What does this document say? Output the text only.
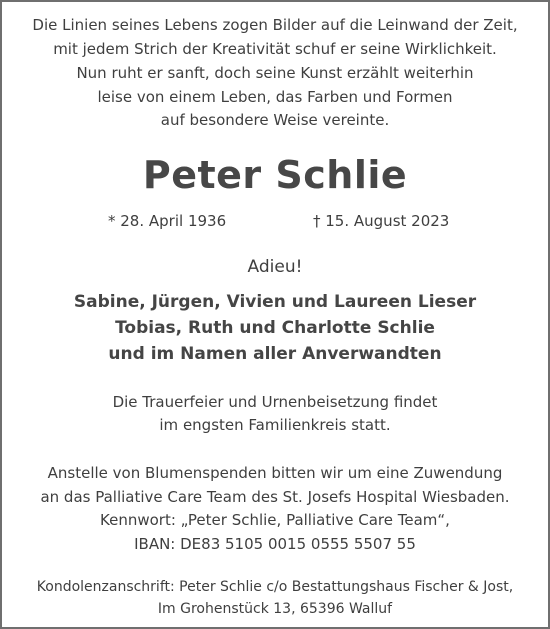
Die Linien seines Lebens zogen Bilder auf die Leinwand der Zeit,
mit jedem Strich der Kreativität schuf er seine Wirklichkeit.
Nun ruht er sanft, doch seine Kunst erzählt weiterhin
leise von einem Leben, das Farben und Formen
auf besondere Weise vereinte.
Peter Schlie
* 28. April 1936	† 15. August 2023
Adieu!
Sabine, Jürgen, Vivien und Laureen Lieser
Tobias, Ruth und Charlotte Schlie
und im Namen aller Anverwandten
Die Trauerfeier und Urnenbeisetzung findet
im engsten Familienkreis statt.
Anstelle von Blumenspenden bitten wir um eine Zuwendung
an das Palliative Care Team des St. Josefs Hospital Wiesbaden.
Kennwort: „Peter Schlie, Palliative Care Team“,
IBAN: DE83 5105 0015 0555 5507 55
Kondolenzanschrift: Peter Schlie c/o Bestattungshaus Fischer & Jost,
Im Grohenstück 13, 65396 Walluf
